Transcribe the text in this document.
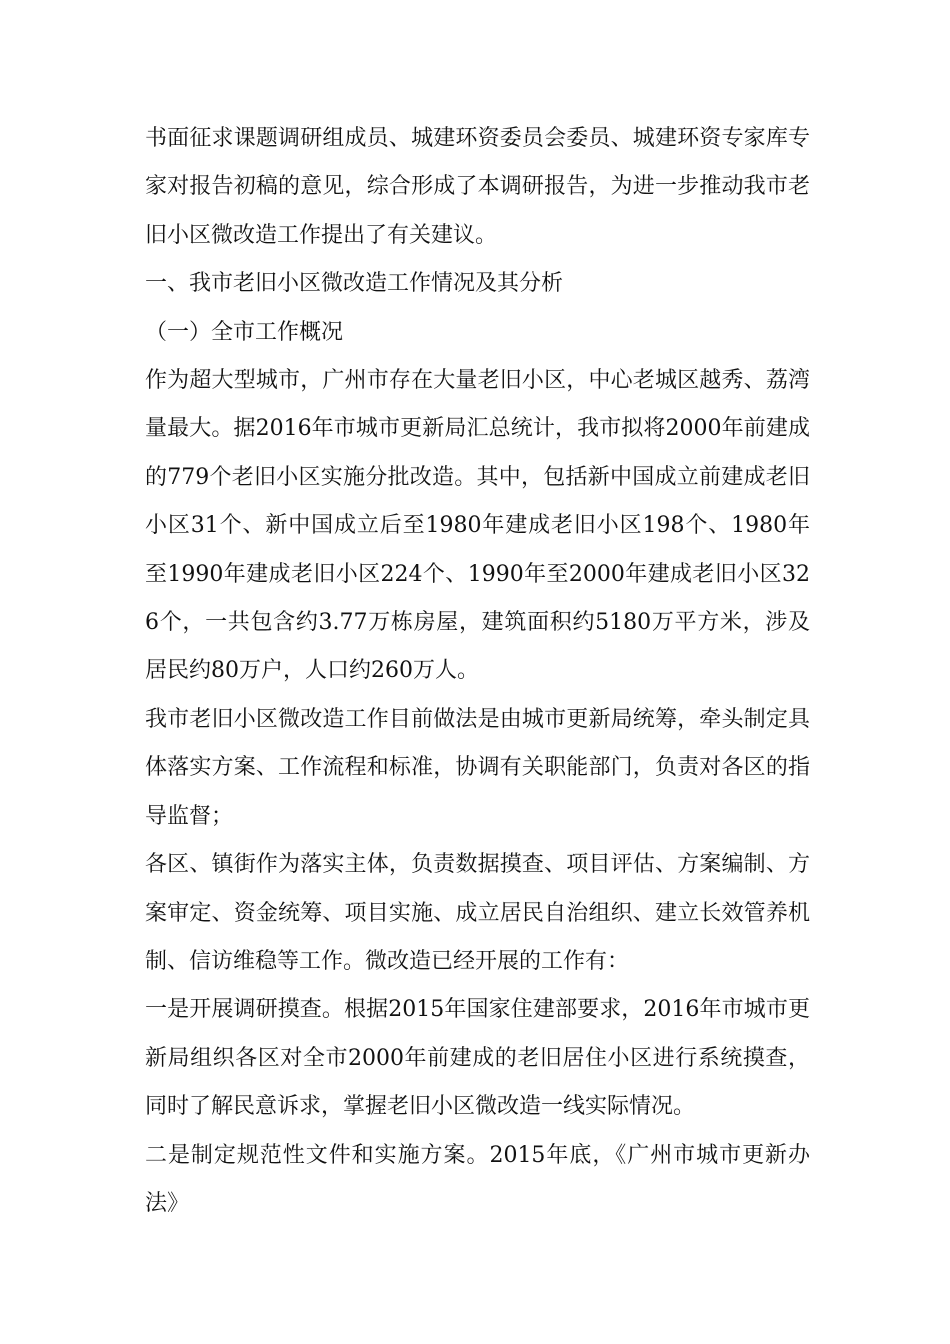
书面征求课题调研组成员、城建环资委员会委员、城建环资专家库专家对报告初稿的意见，综合形成了本调研报告，为进一步推动我市老旧小区微改造工作提出了有关建议。

一、我市老旧小区微改造工作情况及其分析

（一）全市工作概况

作为超大型城市，广州市存在大量老旧小区，中心老城区越秀、荔湾量最大。据2016年市城市更新局汇总统计，我市拟将2000年前建成的779个老旧小区实施分批改造。其中，包括新中国成立前建成老旧小区31个、新中国成立后至1980年建成老旧小区198个、1980年至1990年建成老旧小区224个、1990年至2000年建成老旧小区326个，一共包含约3.77万栋房屋，建筑面积约5180万平方米，涉及居民约80万户，人口约260万人。

我市老旧小区微改造工作目前做法是由城市更新局统筹，牵头制定具体落实方案、工作流程和标准，协调有关职能部门，负责对各区的指导监督；

各区、镇街作为落实主体，负责数据摸查、项目评估、方案编制、方案审定、资金统筹、项目实施、成立居民自治组织、建立长效管养机制、信访维稳等工作。微改造已经开展的工作有：

一是开展调研摸查。根据2015年国家住建部要求，2016年市城市更新局组织各区对全市2000年前建成的老旧居住小区进行系统摸查，同时了解民意诉求，掌握老旧小区微改造一线实际情况。

二是制定规范性文件和实施方案。2015年底，《广州市城市更新办法》
